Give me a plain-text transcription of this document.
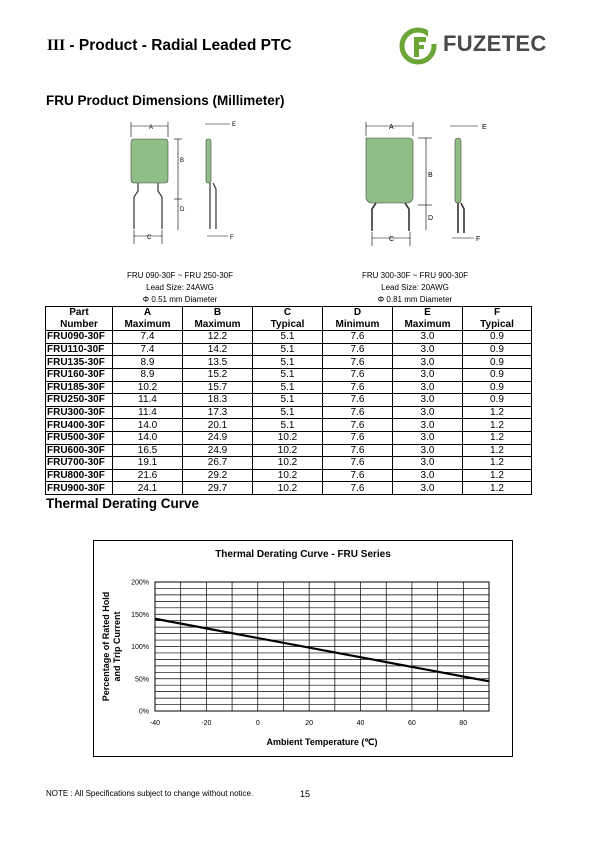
III - Product - Radial Leaded PTC	FUZETEC
FRU Product Dimensions (Millimeter)
A
B
C
D
E
F
A
B
C
D
E
F
FRU 090-30F ~ FRU 250-30F
Lead Size: 24AWG
Φ 0.51 mm Diameter
FRU 300-30F ~ FRU 900-30F
Lead Size: 20AWG
Φ 0.81 mm Diameter
Part	A	B	C	D	E	F
Number	Maximum	Maximum	Typical	Minimum	Maximum	Typical
FRU090-30F	7.4	12.2	5.1	7.6	3.0	0.9
FRU110-30F	7.4	14.2	5.1	7.6	3.0	0.9
FRU135-30F	8.9	13.5	5.1	7.6	3.0	0.9
FRU160-30F	8.9	15.2	5.1	7.6	3.0	0.9
FRU185-30F	10.2	15.7	5.1	7.6	3.0	0.9
FRU250-30F	11.4	18.3	5.1	7.6	3.0	0.9
FRU300-30F	11.4	17.3	5.1	7.6	3.0	1.2
FRU400-30F	14.0	20.1	5.1	7.6	3.0	1.2
FRU500-30F	14.0	24.9	10.2	7.6	3.0	1.2
FRU600-30F	16.5	24.9	10.2	7.6	3.0	1.2
FRU700-30F	19.1	26.7	10.2	7.6	3.0	1.2
FRU800-30F	21.6	29.2	10.2	7.6	3.0	1.2
FRU900-30F	24.1	29.7	10.2	7.6	3.0	1.2
Thermal Derating Curve
Thermal Derating Curve - FRU Series
-40	-20	0	20	40	60	80
0%
50%
100%
150%
200%
Ambient Temperature (℃)
Percentage of Rated Hold and Trip Current
NOTE : All Specifications subject to change without notice.	15
